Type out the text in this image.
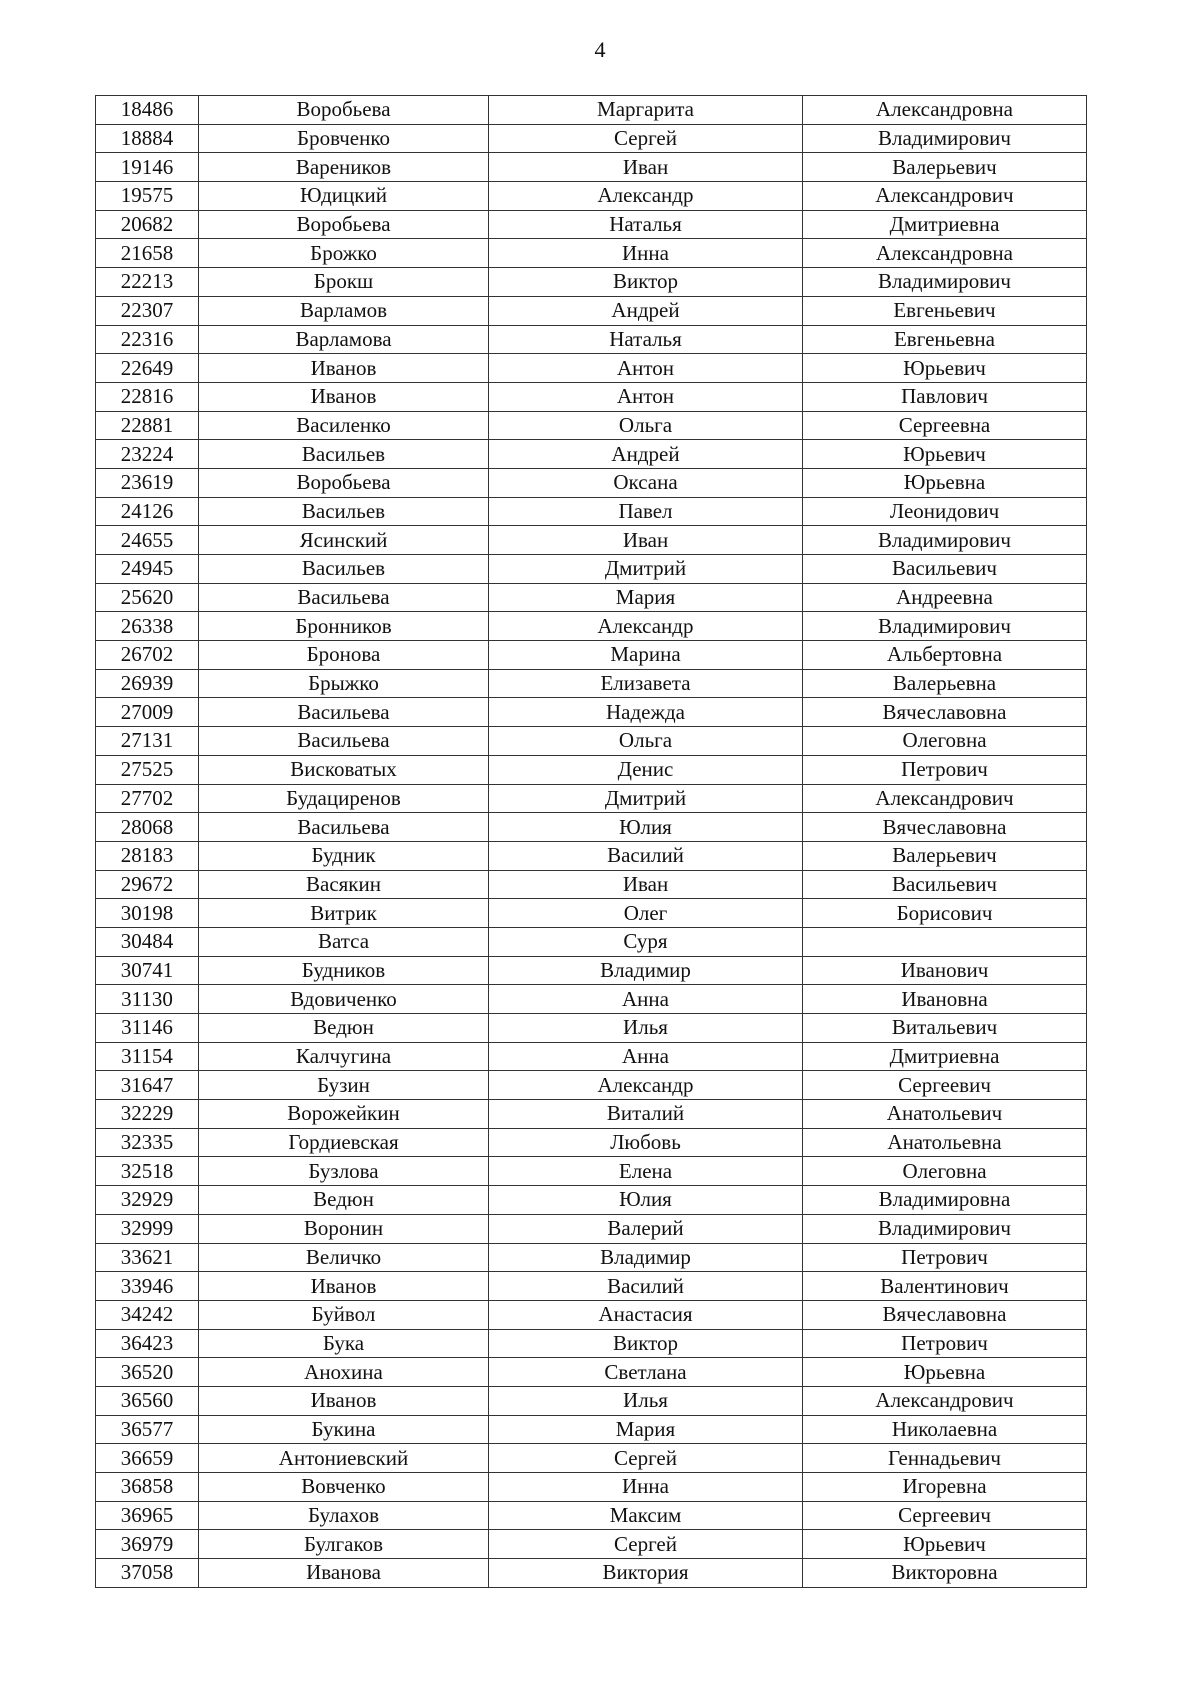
4
18486	Воробьева	Маргарита	Александровна
18884	Бровченко	Сергей	Владимирович
19146	Вареников	Иван	Валерьевич
19575	Юдицкий	Александр	Александрович
20682	Воробьева	Наталья	Дмитриевна
21658	Брожко	Инна	Александровна
22213	Брокш	Виктор	Владимирович
22307	Варламов	Андрей	Евгеньевич
22316	Варламова	Наталья	Евгеньевна
22649	Иванов	Антон	Юрьевич
22816	Иванов	Антон	Павлович
22881	Василенко	Ольга	Сергеевна
23224	Васильев	Андрей	Юрьевич
23619	Воробьева	Оксана	Юрьевна
24126	Васильев	Павел	Леонидович
24655	Ясинский	Иван	Владимирович
24945	Васильев	Дмитрий	Васильевич
25620	Васильева	Мария	Андреевна
26338	Бронников	Александр	Владимирович
26702	Бронова	Марина	Альбертовна
26939	Брыжко	Елизавета	Валерьевна
27009	Васильева	Надежда	Вячеславовна
27131	Васильева	Ольга	Олеговна
27525	Висковатых	Денис	Петрович
27702	Будациренов	Дмитрий	Александрович
28068	Васильева	Юлия	Вячеславовна
28183	Будник	Василий	Валерьевич
29672	Васякин	Иван	Васильевич
30198	Витрик	Олег	Борисович
30484	Ватса	Суря	
30741	Будников	Владимир	Иванович
31130	Вдовиченко	Анна	Ивановна
31146	Ведюн	Илья	Витальевич
31154	Калчугина	Анна	Дмитриевна
31647	Бузин	Александр	Сергеевич
32229	Ворожейкин	Виталий	Анатольевич
32335	Гордиевская	Любовь	Анатольевна
32518	Бузлова	Елена	Олеговна
32929	Ведюн	Юлия	Владимировна
32999	Воронин	Валерий	Владимирович
33621	Величко	Владимир	Петрович
33946	Иванов	Василий	Валентинович
34242	Буйвол	Анастасия	Вячеславовна
36423	Бука	Виктор	Петрович
36520	Анохина	Светлана	Юрьевна
36560	Иванов	Илья	Александрович
36577	Букина	Мария	Николаевна
36659	Антониевский	Сергей	Геннадьевич
36858	Вовченко	Инна	Игоревна
36965	Булахов	Максим	Сергеевич
36979	Булгаков	Сергей	Юрьевич
37058	Иванова	Виктория	Викторовна
